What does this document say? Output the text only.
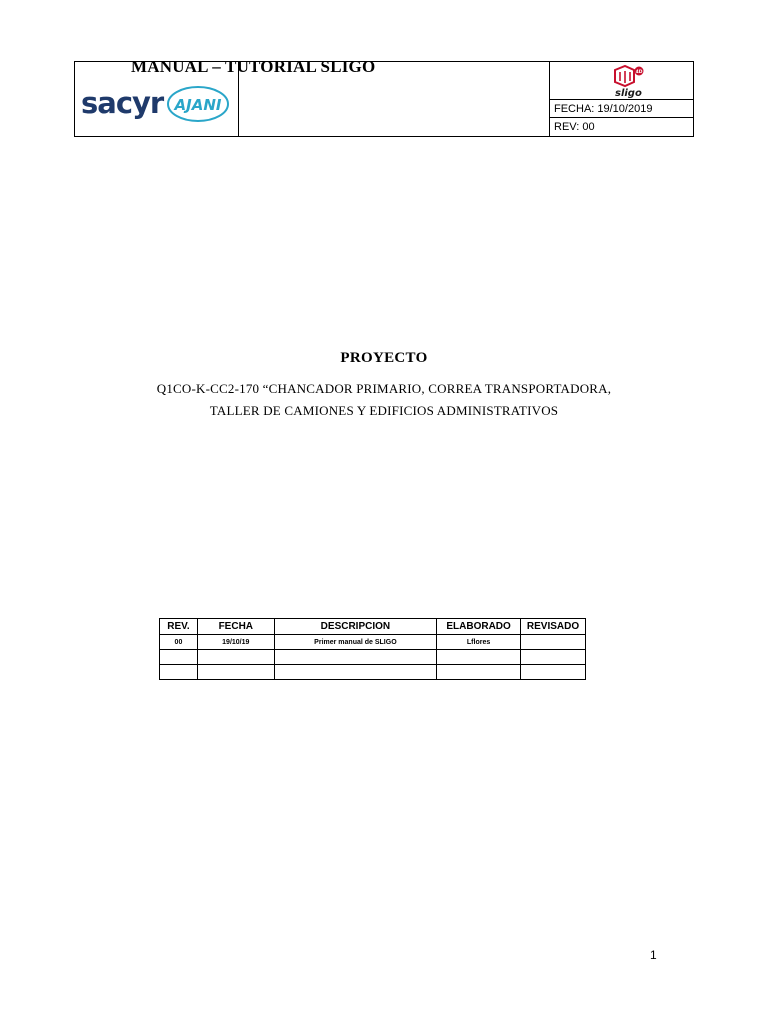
sacyr AJANI
MANUAL – TUTORIAL SLIGO	4D
sligo
FECHA: 19/10/2019
REV: 00
PROYECTO
Q1CO-K-CC2-170 “CHANCADOR PRIMARIO, CORREA TRANSPORTADORA,
TALLER DE CAMIONES Y EDIFICIOS ADMINISTRATIVOS
REV.	FECHA	DESCRIPCION	ELABORADO	REVISADO
00	19/10/19	Primer manual de SLIGO	Lflores	

1
